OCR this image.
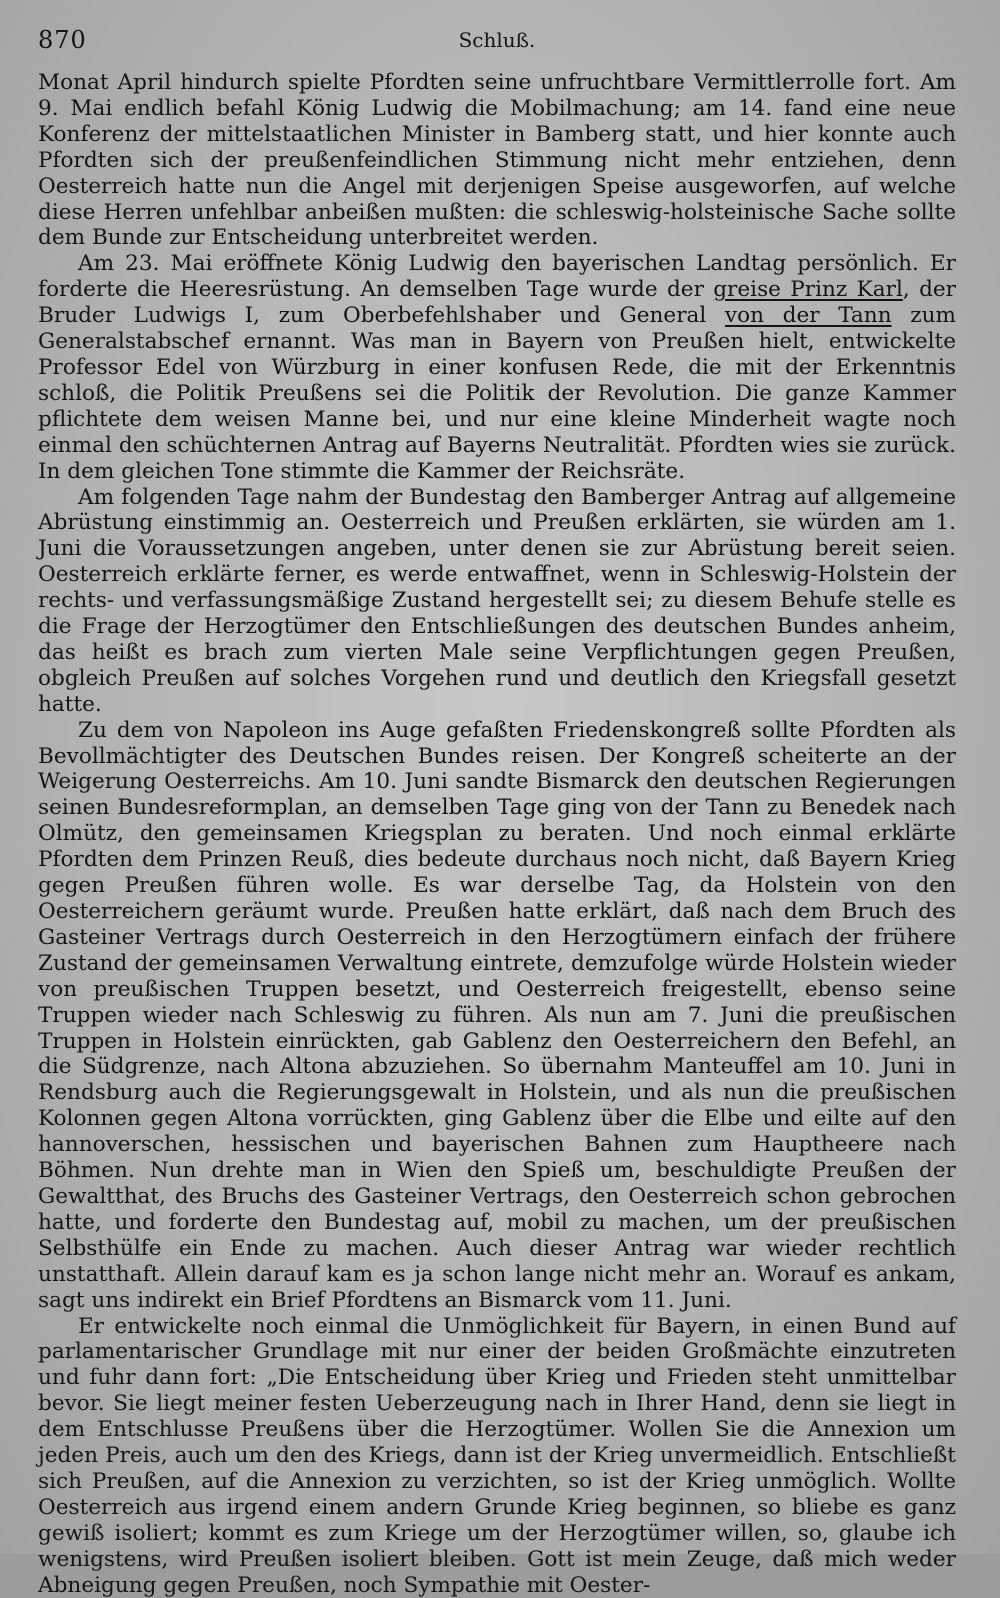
870	Schluß.

Monat April hindurch spielte Pfordten seine unfruchtbare Vermittlerrolle fort. Am 9. Mai endlich befahl König Ludwig die Mobilmachung; am 14. fand eine neue Konferenz der mittelstaatlichen Minister in Bamberg statt, und hier konnte auch Pfordten sich der preußenfeindlichen Stimmung nicht mehr entziehen, denn Oesterreich hatte nun die Angel mit derjenigen Speise ausgeworfen, auf welche diese Herren unfehlbar anbeißen mußten: die schleswig-holsteinische Sache sollte dem Bunde zur Entscheidung unterbreitet werden.

Am 23. Mai eröffnete König Ludwig den bayerischen Landtag persönlich. Er forderte die Heeresrüstung. An demselben Tage wurde der greise Prinz Karl, der Bruder Ludwigs I, zum Oberbefehlshaber und General von der Tann zum Generalstabschef ernannt. Was man in Bayern von Preußen hielt, entwickelte Professor Edel von Würzburg in einer konfusen Rede, die mit der Erkenntnis schloß, die Politik Preußens sei die Politik der Revolution. Die ganze Kammer pflichtete dem weisen Manne bei, und nur eine kleine Minderheit wagte noch einmal den schüchternen Antrag auf Bayerns Neutralität. Pfordten wies sie zurück. In dem gleichen Tone stimmte die Kammer der Reichsräte.

Am folgenden Tage nahm der Bundestag den Bamberger Antrag auf allgemeine Abrüstung einstimmig an. Oesterreich und Preußen erklärten, sie würden am 1. Juni die Voraussetzungen angeben, unter denen sie zur Abrüstung bereit seien. Oesterreich erklärte ferner, es werde entwaffnet, wenn in Schleswig-Holstein der rechts- und verfassungsmäßige Zustand hergestellt sei; zu diesem Behufe stelle es die Frage der Herzogtümer den Entschließungen des deutschen Bundes anheim, das heißt es brach zum vierten Male seine Verpflichtungen gegen Preußen, obgleich Preußen auf solches Vorgehen rund und deutlich den Kriegsfall gesetzt hatte.

Zu dem von Napoleon ins Auge gefaßten Friedenskongreß sollte Pfordten als Bevollmächtigter des Deutschen Bundes reisen. Der Kongreß scheiterte an der Weigerung Oesterreichs. Am 10. Juni sandte Bismarck den deutschen Regierungen seinen Bundesreformplan, an demselben Tage ging von der Tann zu Benedek nach Olmütz, den gemeinsamen Kriegsplan zu beraten. Und noch einmal erklärte Pfordten dem Prinzen Reuß, dies bedeute durchaus noch nicht, daß Bayern Krieg gegen Preußen führen wolle. Es war derselbe Tag, da Holstein von den Oesterreichern geräumt wurde. Preußen hatte erklärt, daß nach dem Bruch des Gasteiner Vertrags durch Oesterreich in den Herzogtümern einfach der frühere Zustand der gemeinsamen Verwaltung eintrete, demzufolge würde Holstein wieder von preußischen Truppen besetzt, und Oesterreich freigestellt, ebenso seine Truppen wieder nach Schleswig zu führen. Als nun am 7. Juni die preußischen Truppen in Holstein einrückten, gab Gablenz den Oesterreichern den Befehl, an die Südgrenze, nach Altona abzuziehen. So übernahm Manteuffel am 10. Juni in Rendsburg auch die Regierungsgewalt in Holstein, und als nun die preußischen Kolonnen gegen Altona vorrückten, ging Gablenz über die Elbe und eilte auf den hannoverschen, hessischen und bayerischen Bahnen zum Hauptheere nach Böhmen. Nun drehte man in Wien den Spieß um, beschuldigte Preußen der Gewaltthat, des Bruchs des Gasteiner Vertrags, den Oesterreich schon gebrochen hatte, und forderte den Bundestag auf, mobil zu machen, um der preußischen Selbsthülfe ein Ende zu machen. Auch dieser Antrag war wieder rechtlich unstatthaft. Allein darauf kam es ja schon lange nicht mehr an. Worauf es ankam, sagt uns indirekt ein Brief Pfordtens an Bismarck vom 11. Juni.

Er entwickelte noch einmal die Unmöglichkeit für Bayern, in einen Bund auf parlamentarischer Grundlage mit nur einer der beiden Großmächte einzutreten und fuhr dann fort: „Die Entscheidung über Krieg und Frieden steht unmittelbar bevor. Sie liegt meiner festen Ueberzeugung nach in Ihrer Hand, denn sie liegt in dem Entschlusse Preußens über die Herzogtümer. Wollen Sie die Annexion um jeden Preis, auch um den des Kriegs, dann ist der Krieg unvermeidlich. Entschließt sich Preußen, auf die Annexion zu verzichten, so ist der Krieg unmöglich. Wollte Oesterreich aus irgend einem andern Grunde Krieg beginnen, so bliebe es ganz gewiß isoliert; kommt es zum Kriege um der Herzogtümer willen, so, glaube ich wenigstens, wird Preußen isoliert bleiben. Gott ist mein Zeuge, daß mich weder Abneigung gegen Preußen, noch Sympathie mit Oester-
